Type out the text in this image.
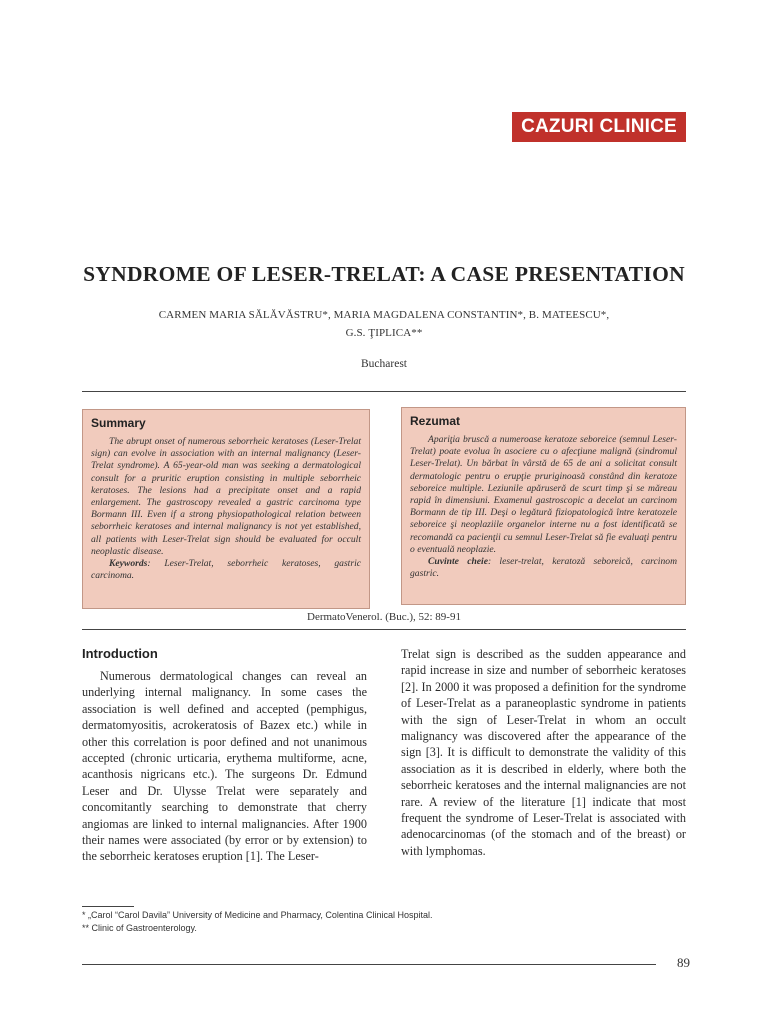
CAZURI CLINICE
SYNDROME OF LESER-TRELAT: A CASE PRESENTATION
CARMEN MARIA SĂLĂVĂSTRU*, MARIA MAGDALENA CONSTANTIN*, B. MATEESCU*,
G.S. ŢIPLICA**
Bucharest
Summary

The abrupt onset of numerous seborrheic keratoses (Leser-Trelat sign) can evolve in association with an internal malignancy (Leser-Trelat syndrome). A 65-year-old man was seeking a dermatological consult for a pruritic eruption consisting in multiple seborrheic keratoses. The lesions had a precipitate onset and a rapid enlargement. The gastroscopy revealed a gastric carcinoma type Bormann III. Even if a strong physiopathological relation between seborrheic keratoses and internal malignancy is not yet established, all patients with Leser-Trelat sign should be evaluated for occult neoplastic disease.

Keywords: Leser-Trelat, seborrheic keratoses, gastric carcinoma.

Rezumat

Apariţia bruscă a numeroase keratoze seboreice (semnul Leser-Trelat) poate evolua în asociere cu o afecţiune malignă (sindromul Leser-Trelat). Un bărbat în vârstă de 65 de ani a solicitat consult dermatologic pentru o erupţie pruriginoasă constând din keratoze seboreice multiple. Leziunile apăruseră de scurt timp şi se măreau rapid în dimensiuni. Examenul gastroscopic a decelat un carcinom Bormann de tip III. Deşi o legătură fiziopatologică între keratozele seboreice şi neoplaziile organelor interne nu a fost identificată se recomandă ca pacienţii cu semnul Leser-Trelat să fie evaluaţi pentru o eventuală neoplazie.

Cuvinte cheie: leser-trelat, keratoză seboreică, carcinom gastric.

DermatoVenerol. (Buc.), 52: 89-91
Introduction

Numerous dermatological changes can reveal an underlying internal malignancy. In some cases the association is well defined and accepted (pemphigus, dermatomyositis, acrokeratosis of Bazex etc.) while in other this correlation is poor defined and not unanimous accepted (chronic urticaria, erythema multiforme, acne, acanthosis nigricans etc.). The surgeons Dr. Edmund Leser and Dr. Ulysse Trelat were separately and concomitantly searching to demonstrate that cherry angiomas are linked to internal malignancies. After 1900 their names were associated (by error or by extension) to the seborrheic keratoses eruption [1]. The Leser-

Trelat sign is described as the sudden appearance and rapid increase in size and number of seborrheic keratoses [2]. In 2000 it was proposed a definition for the syndrome of Leser-Trelat as a paraneoplastic syndrome in patients with the sign of Leser-Trelat in whom an occult malignancy was discovered after the appearance of the sign [3]. It is difficult to demonstrate the validity of this association as it is described in elderly, where both the seborrheic keratoses and the internal malignancies are not rare. A review of the literature [1] indicate that most frequent the syndrome of Leser-Trelat is associated with adenocarcinomas (of the stomach and of the breast) or with lymphomas.

* „Carol “Carol Davila” University of Medicine and Pharmacy, Colentina Clinical Hospital.
** Clinic of Gastroenterology.
89
